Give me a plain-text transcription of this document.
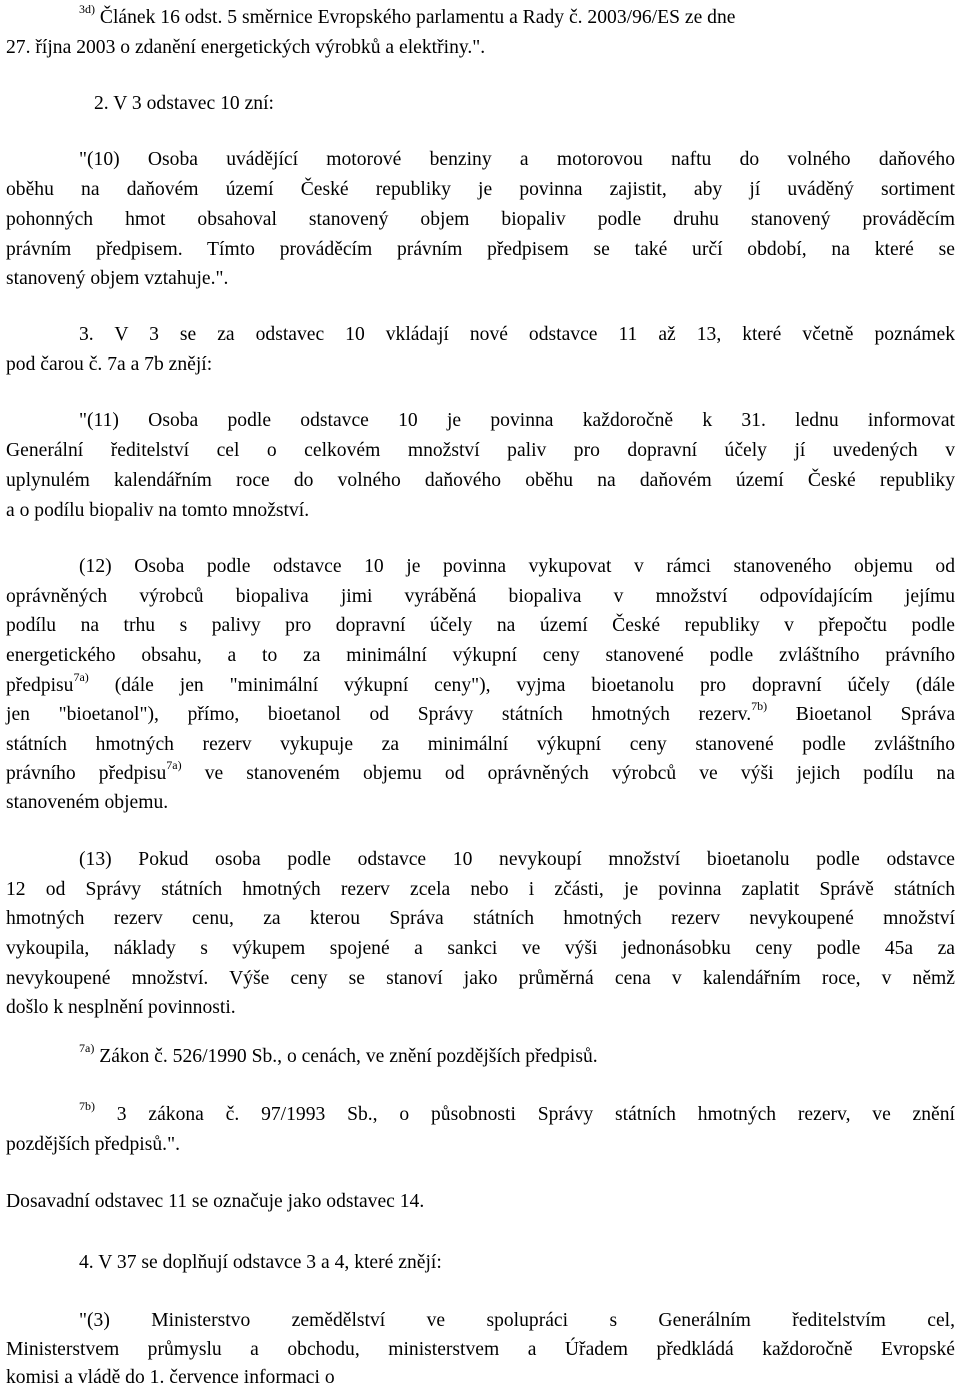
$^{3d)}$ Článek 16 odst. 5 směrnice Evropského parlamentu a Rady č. 2003/96/ES ze dne
27. října 2003 o zdanění energetických výrobků a elektřiny.".
2. V 3 odstavec 10 zní:
"(10) Osoba uvádějící motorové benziny a motorovou naftu do volného daňového
oběhu na daňovém území České republiky je povinna zajistit, aby jí uváděný sortiment
pohonných hmot obsahoval stanovený objem biopaliv podle druhu stanovený prováděcím
právním předpisem. Tímto prováděcím právním předpisem se také určí období, na které se
stanovený objem vztahuje.".
3. V 3 se za odstavec 10 vkládají nové odstavce 11 až 13, které včetně poznámek
pod čarou č. 7a a 7b znějí:
"(11) Osoba podle odstavce 10 je povinna každoročně k 31. lednu informovat
Generální ředitelství cel o celkovém množství paliv pro dopravní účely jí uvedených v
uplynulém kalendářním roce do volného daňového oběhu na daňovém území České republiky
a o podílu biopaliv na tomto množství.
(12) Osoba podle odstavce 10 je povinna vykupovat v rámci stanoveného objemu od
oprávněných výrobců biopaliva jimi vyráběná biopaliva v množství odpovídajícím jejímu
podílu na trhu s palivy pro dopravní účely na území České republiky v přepočtu podle
energetického obsahu, a to za minimální výkupní ceny stanovené podle zvláštního právního
předpisu$^{7a)}$ (dále jen "minimální výkupní ceny"), vyjma bioetanolu pro dopravní účely (dále
jen "bioetanol"), přímo, bioetanol od Správy státních hmotných rezerv.$^{7b)}$ Bioetanol Správa
státních hmotných rezerv vykupuje za minimální výkupní ceny stanovené podle zvláštního
právního předpisu$^{7a)}$ ve stanoveném objemu od oprávněných výrobců ve výši jejich podílu na
stanoveném objemu.
(13) Pokud osoba podle odstavce 10 nevykoupí množství bioetanolu podle odstavce
12 od Správy státních hmotných rezerv zcela nebo i zčásti, je povinna zaplatit Správě státních
hmotných rezerv cenu, za kterou Správa státních hmotných rezerv nevykoupené množství
vykoupila, náklady s výkupem spojené a sankci ve výši jednonásobku ceny podle 45a za
nevykoupené množství. Výše ceny se stanoví jako průměrná cena v kalendářním roce, v němž
došlo k nesplnění povinnosti.
$^{7a)}$ Zákon č. 526/1990 Sb., o cenách, ve znění pozdějších předpisů.
$^{7b)}$ 3 zákona č. 97/1993 Sb., o působnosti Správy státních hmotných rezerv, ve znění
pozdějších předpisů.".
Dosavadní odstavec 11 se označuje jako odstavec 14.
4. V 37 se doplňují odstavce 3 a 4, které znějí:
"(3) Ministerstvo zemědělství ve spolupráci s Generálním ředitelstvím cel,
Ministerstvem průmyslu a obchodu, ministerstvem a Úřadem předkládá každoročně Evropské
komisi a vládě do 1. července informaci o
